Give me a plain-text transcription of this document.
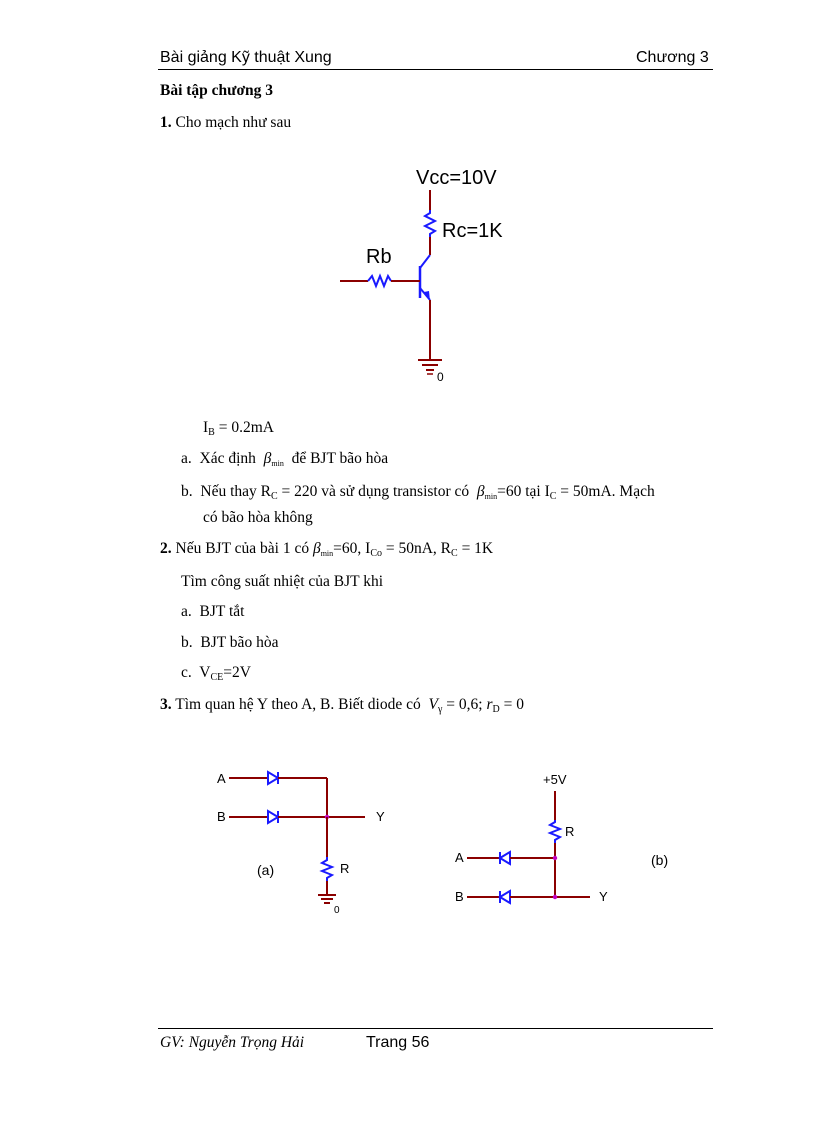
Bài giảng Kỹ thuật Xung	Chương 3
Bài tập chương 3
1. Cho mạch như sau
Vcc=10V
Rc=1K
Rb
0
$I_B = 0.2mA$
a. Xác định $\beta_{min}$ để BJT bão hòa
b. Nếu thay $R_C = 220$ và sử dụng transistor có $\beta_{min}=60$ tại $I_C = 50mA$. Mạch
có bão hòa không
2. Nếu BJT của bài 1 có $\beta_{min}=60$, $I_{Co} = 50nA$, $R_C = 1K$
Tìm công suất nhiệt của BJT khi
a. BJT tắt
b. BJT bão hòa
c. $V_{CE}=2V$
3. Tìm quan hệ Y theo A, B. Biết diode có $V_\gamma = 0,6$; $r_D = 0$
A
B	Y
R
(a)
0
+5V
R
A	(b)
B	Y
GV: Nguyễn Trọng Hải	Trang 56
